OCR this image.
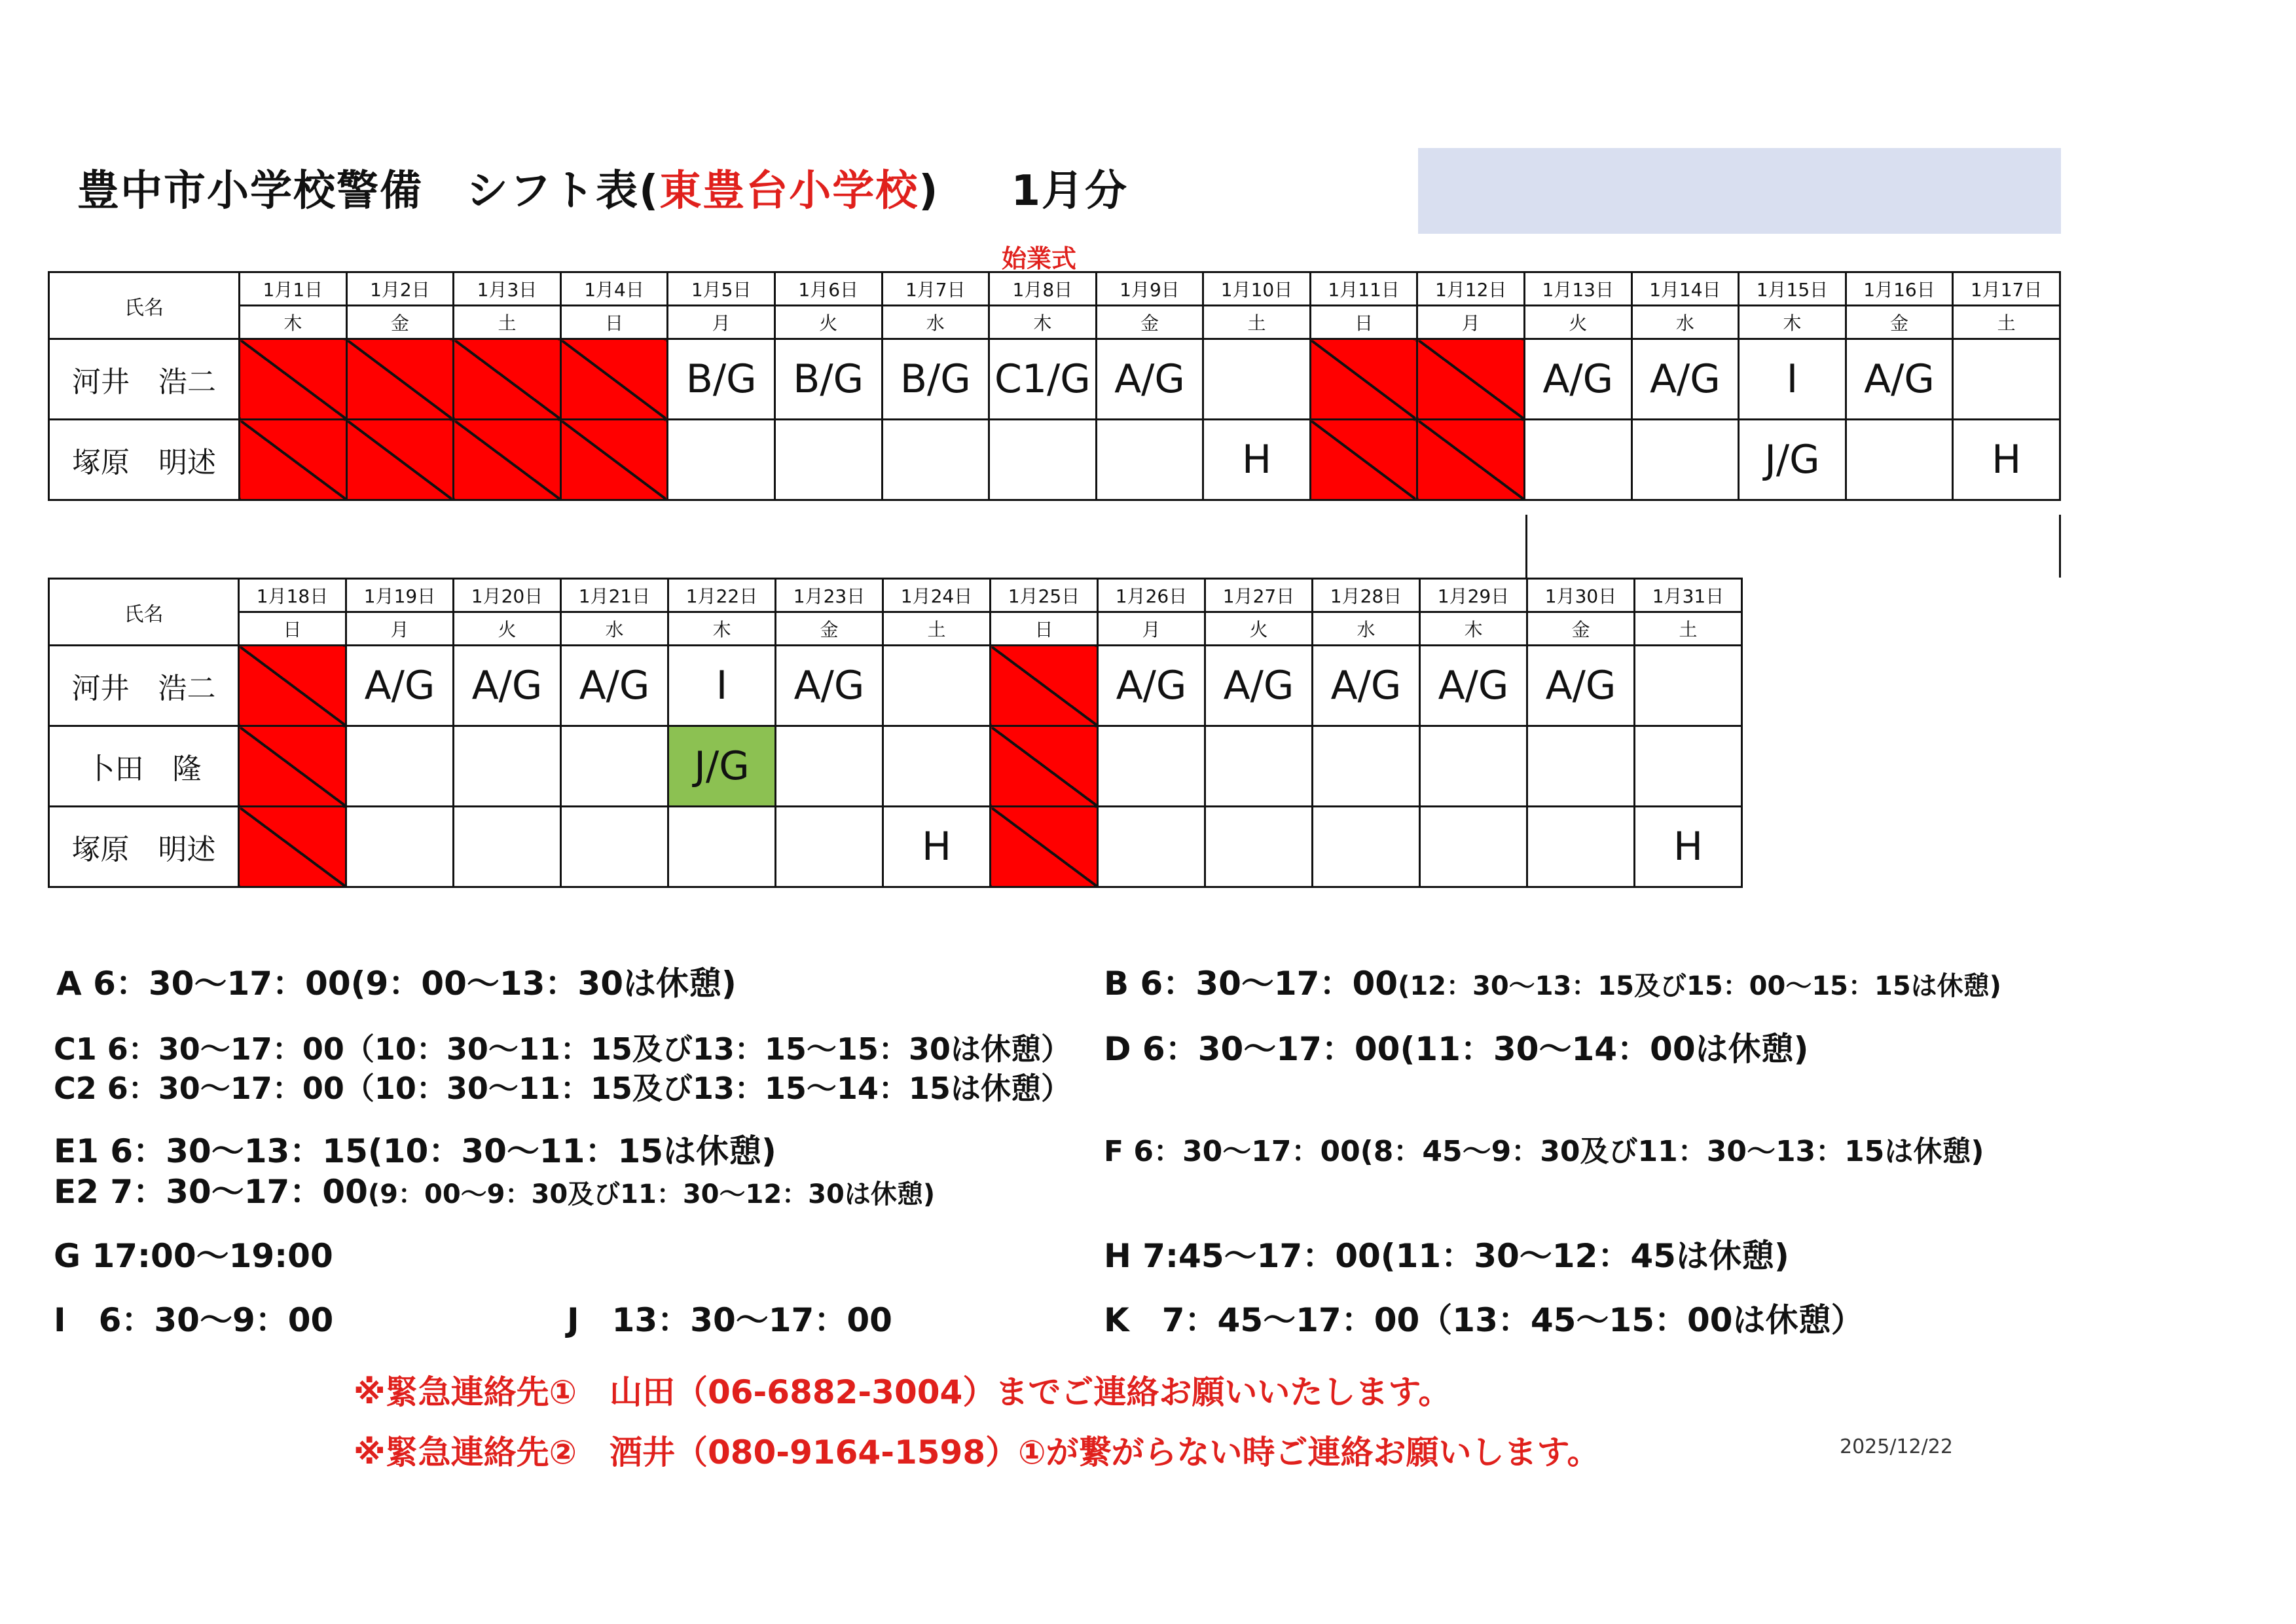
豊中市小学校警備　シフト表(東豊台小学校) 1月分
始業式
氏名	1月1日	1月2日	1月3日	1月4日	1月5日	1月6日	1月7日	1月8日	1月9日	1月10日	1月11日	1月12日	1月13日	1月14日	1月15日	1月16日	1月17日
	木	金	土	日	月	火	水	木	金	土	日	月	火	水	木	金	土
河井　浩二					B/G	B/G	B/G	C1/G	A/G				A/G	A/G	I	A/G	
塚原　明述										H					J/G		H
氏名	1月18日	1月19日	1月20日	1月21日	1月22日	1月23日	1月24日	1月25日	1月26日	1月27日	1月28日	1月29日	1月30日	1月31日
	日	月	火	水	木	金	土	日	月	火	水	木	金	土
河井　浩二		A/G	A/G	A/G	I	A/G			A/G	A/G	A/G	A/G	A/G	
卜田　隆					J/G									
塚原　明述							H							H
A 6：30～17：00(9：00～13：30は休憩)	B 6：30～17：00(12：30～13：15及び15：00～15：15は休憩)
C1 6：30～17：00（10：30～11：15及び13：15～15：30は休憩）
C2 6：30～17：00（10：30～11：15及び13：15～14：15は休憩）
D 6：30～17：00(11：30～14：00は休憩)
E1 6：30～13：15(10：30～11：15は休憩)
E2 7：30～17：00(9：00～9：30及び11：30～12：30は休憩)
F 6：30～17：00(8：45～9：30及び11：30～13：15は休憩)
G 17:00～19:00	H 7:45～17：00(11：30～12：45は休憩)
I　6：30～9：00	J　13：30～17：00	K　7：45～17：00（13：45～15：00は休憩）
※緊急連絡先①　山田（06-6882-3004）までご連絡お願いいたします。
※緊急連絡先②　酒井（080-9164-1598）①が繋がらない時ご連絡お願いします。	2025/12/22
